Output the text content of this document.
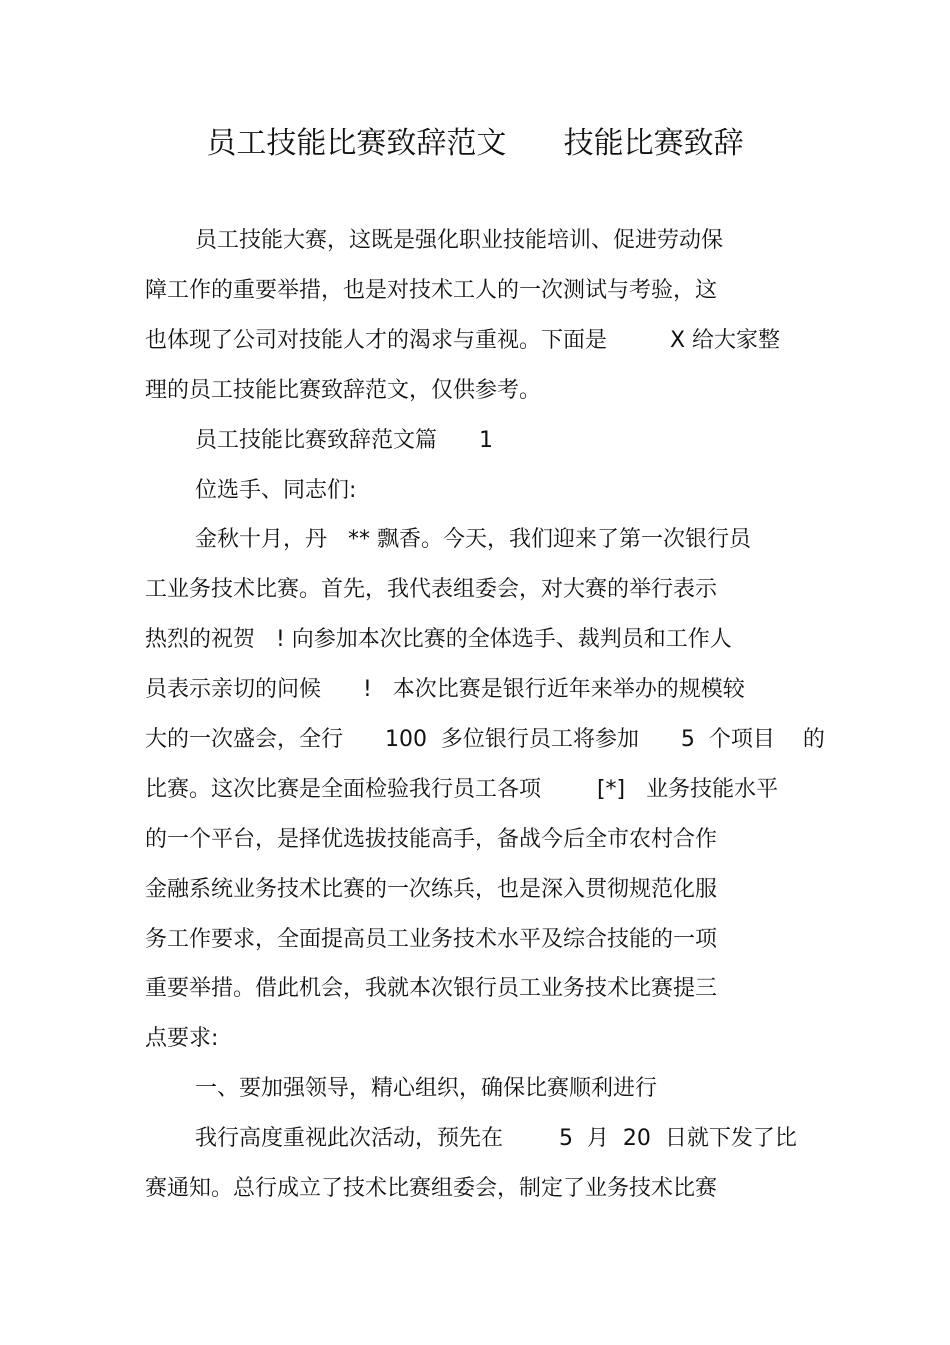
员工技能比赛致辞范文      技能比赛致辞
员工技能大赛，这既是强化职业技能培训、促进劳动保
障工作的重要举措，也是对技术工人的一次测试与考验，这
也体现了公司对技能人才的渴求与重视。下面是         X 给大家整
理的员工技能比赛致辞范文，仅供参考。
员工技能比赛致辞范文篇      1
位选手、同志们:
金秋十月，丹   ** 飘香。今天，我们迎来了第一次银行员
工业务技术比赛。首先，我代表组委会，对大赛的举行表示
热烈的祝贺   ! 向参加本次比赛的全体选手、裁判员和工作人
员表示亲切的问候      !   本次比赛是银行近年来举办的规模较
大的一次盛会，全行      100  多位银行员工将参加      5  个项目    的
比赛。这次比赛是全面检验我行员工各项        [*]   业务技能水平
的一个平台，是择优选拔技能高手，备战今后全市农村合作
金融系统业务技术比赛的一次练兵，也是深入贯彻规范化服
务工作要求，全面提高员工业务技术水平及综合技能的一项
重要举措。借此机会，我就本次银行员工业务技术比赛提三
点要求:
一、要加强领导，精心组织，确保比赛顺利进行
我行高度重视此次活动，预先在        5  月  20  日就下发了比
赛通知。总行成立了技术比赛组委会，制定了业务技术比赛
